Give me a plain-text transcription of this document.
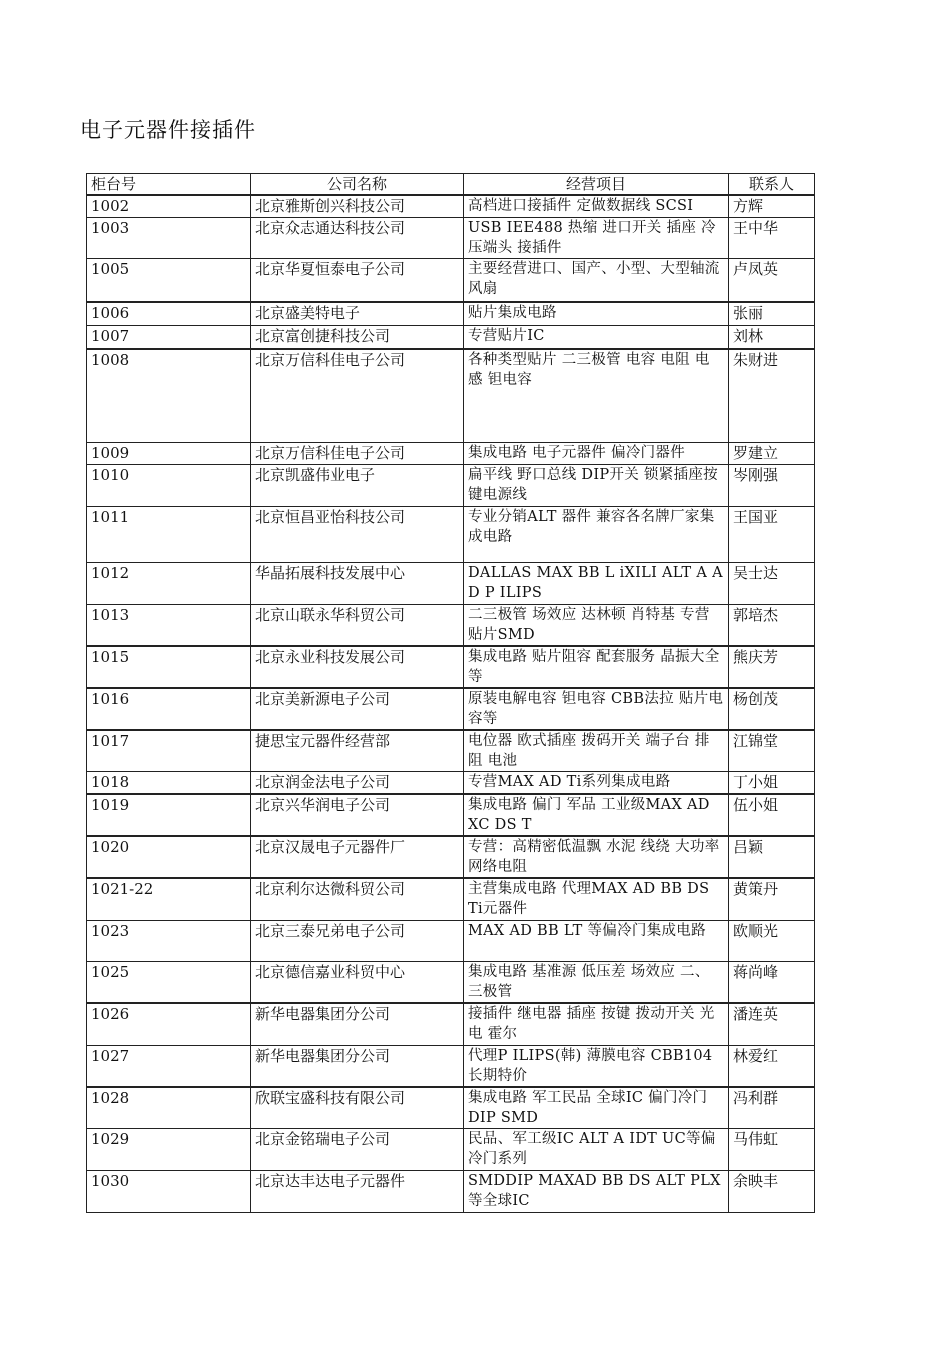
电子元器件接插件
柜台号	公司名称	经营项目	联系人
1002	北京雅斯创兴科技公司	高档进口接插件 定做数据线 SCSI	方辉
1003	北京众志通达科技公司	USB IEE488 热缩 进口开关 插座 冷压端头 接插件	王中华
1005	北京华夏恒泰电子公司	主要经营进口、国产、小型、大型轴流风扇	卢凤英
1006	北京盛美特电子	贴片集成电路	张丽
1007	北京富创捷科技公司	专营贴片IC	刘林
1008	北京万信科佳电子公司	各种类型贴片 二三极管 电容 电阻 电感 钽电容	朱财进
1009	北京万信科佳电子公司	集成电路 电子元器件 偏冷门器件	罗建立
1010	北京凯盛伟业电子	扁平线 野口总线 DIP开关 锁紧插座按键电源线	岑刚强
1011	北京恒昌亚怡科技公司	专业分销ALT 器件 兼容各名牌厂家集成电路	王国亚
1012	华晶拓展科技发展中心	DALLAS MAX BB L iXILI ALT A AD P ILIPS	吴士达
1013	北京山联永华科贸公司	二三极管 场效应 达林顿 肖特基 专营贴片SMD	郭培杰
1015	北京永业科技发展公司	集成电路 贴片阻容 配套服务 晶振大全等	熊庆芳
1016	北京美新源电子公司	原装电解电容 钽电容 CBB法拉 贴片电容等	杨创茂
1017	捷思宝元器件经营部	电位器 欧式插座 拨码开关 端子台 排阻 电池	江锦堂
1018	北京润金法电子公司	专营MAX AD Ti系列集成电路	丁小姐
1019	北京兴华润电子公司	集成电路 偏门 军品 工业级MAX AD XC DS T	伍小姐
1020	北京汉晟电子元器件厂	专营：高精密低温飘 水泥 线绕 大功率网络电阻	吕颖
1021-22	北京利尔达微科贸公司	主营集成电路 代理MAX AD BB DS Ti元器件	黄策丹
1023	北京三泰兄弟电子公司	MAX AD BB LT 等偏冷门集成电路	欧顺光
1025	北京德信嘉业科贸中心	集成电路 基准源 低压差 场效应 二、三极管	蒋尚峰
1026	新华电器集团分公司	接插件 继电器 插座 按键 拨动开关 光电 霍尔	潘连英
1027	新华电器集团分公司	代理P ILIPS(韩) 薄膜电容 CBB104长期特价	林爱红
1028	欣联宝盛科技有限公司	集成电路 军工民品 全球IC 偏门冷门 DIP SMD	冯利群
1029	北京金铭瑞电子公司	民品、军工级IC ALT A IDT UC等偏冷门系列	马伟虹
1030	北京达丰达电子元器件	SMDDIP MAXAD BB DS ALT PLX等全球IC	余映丰
